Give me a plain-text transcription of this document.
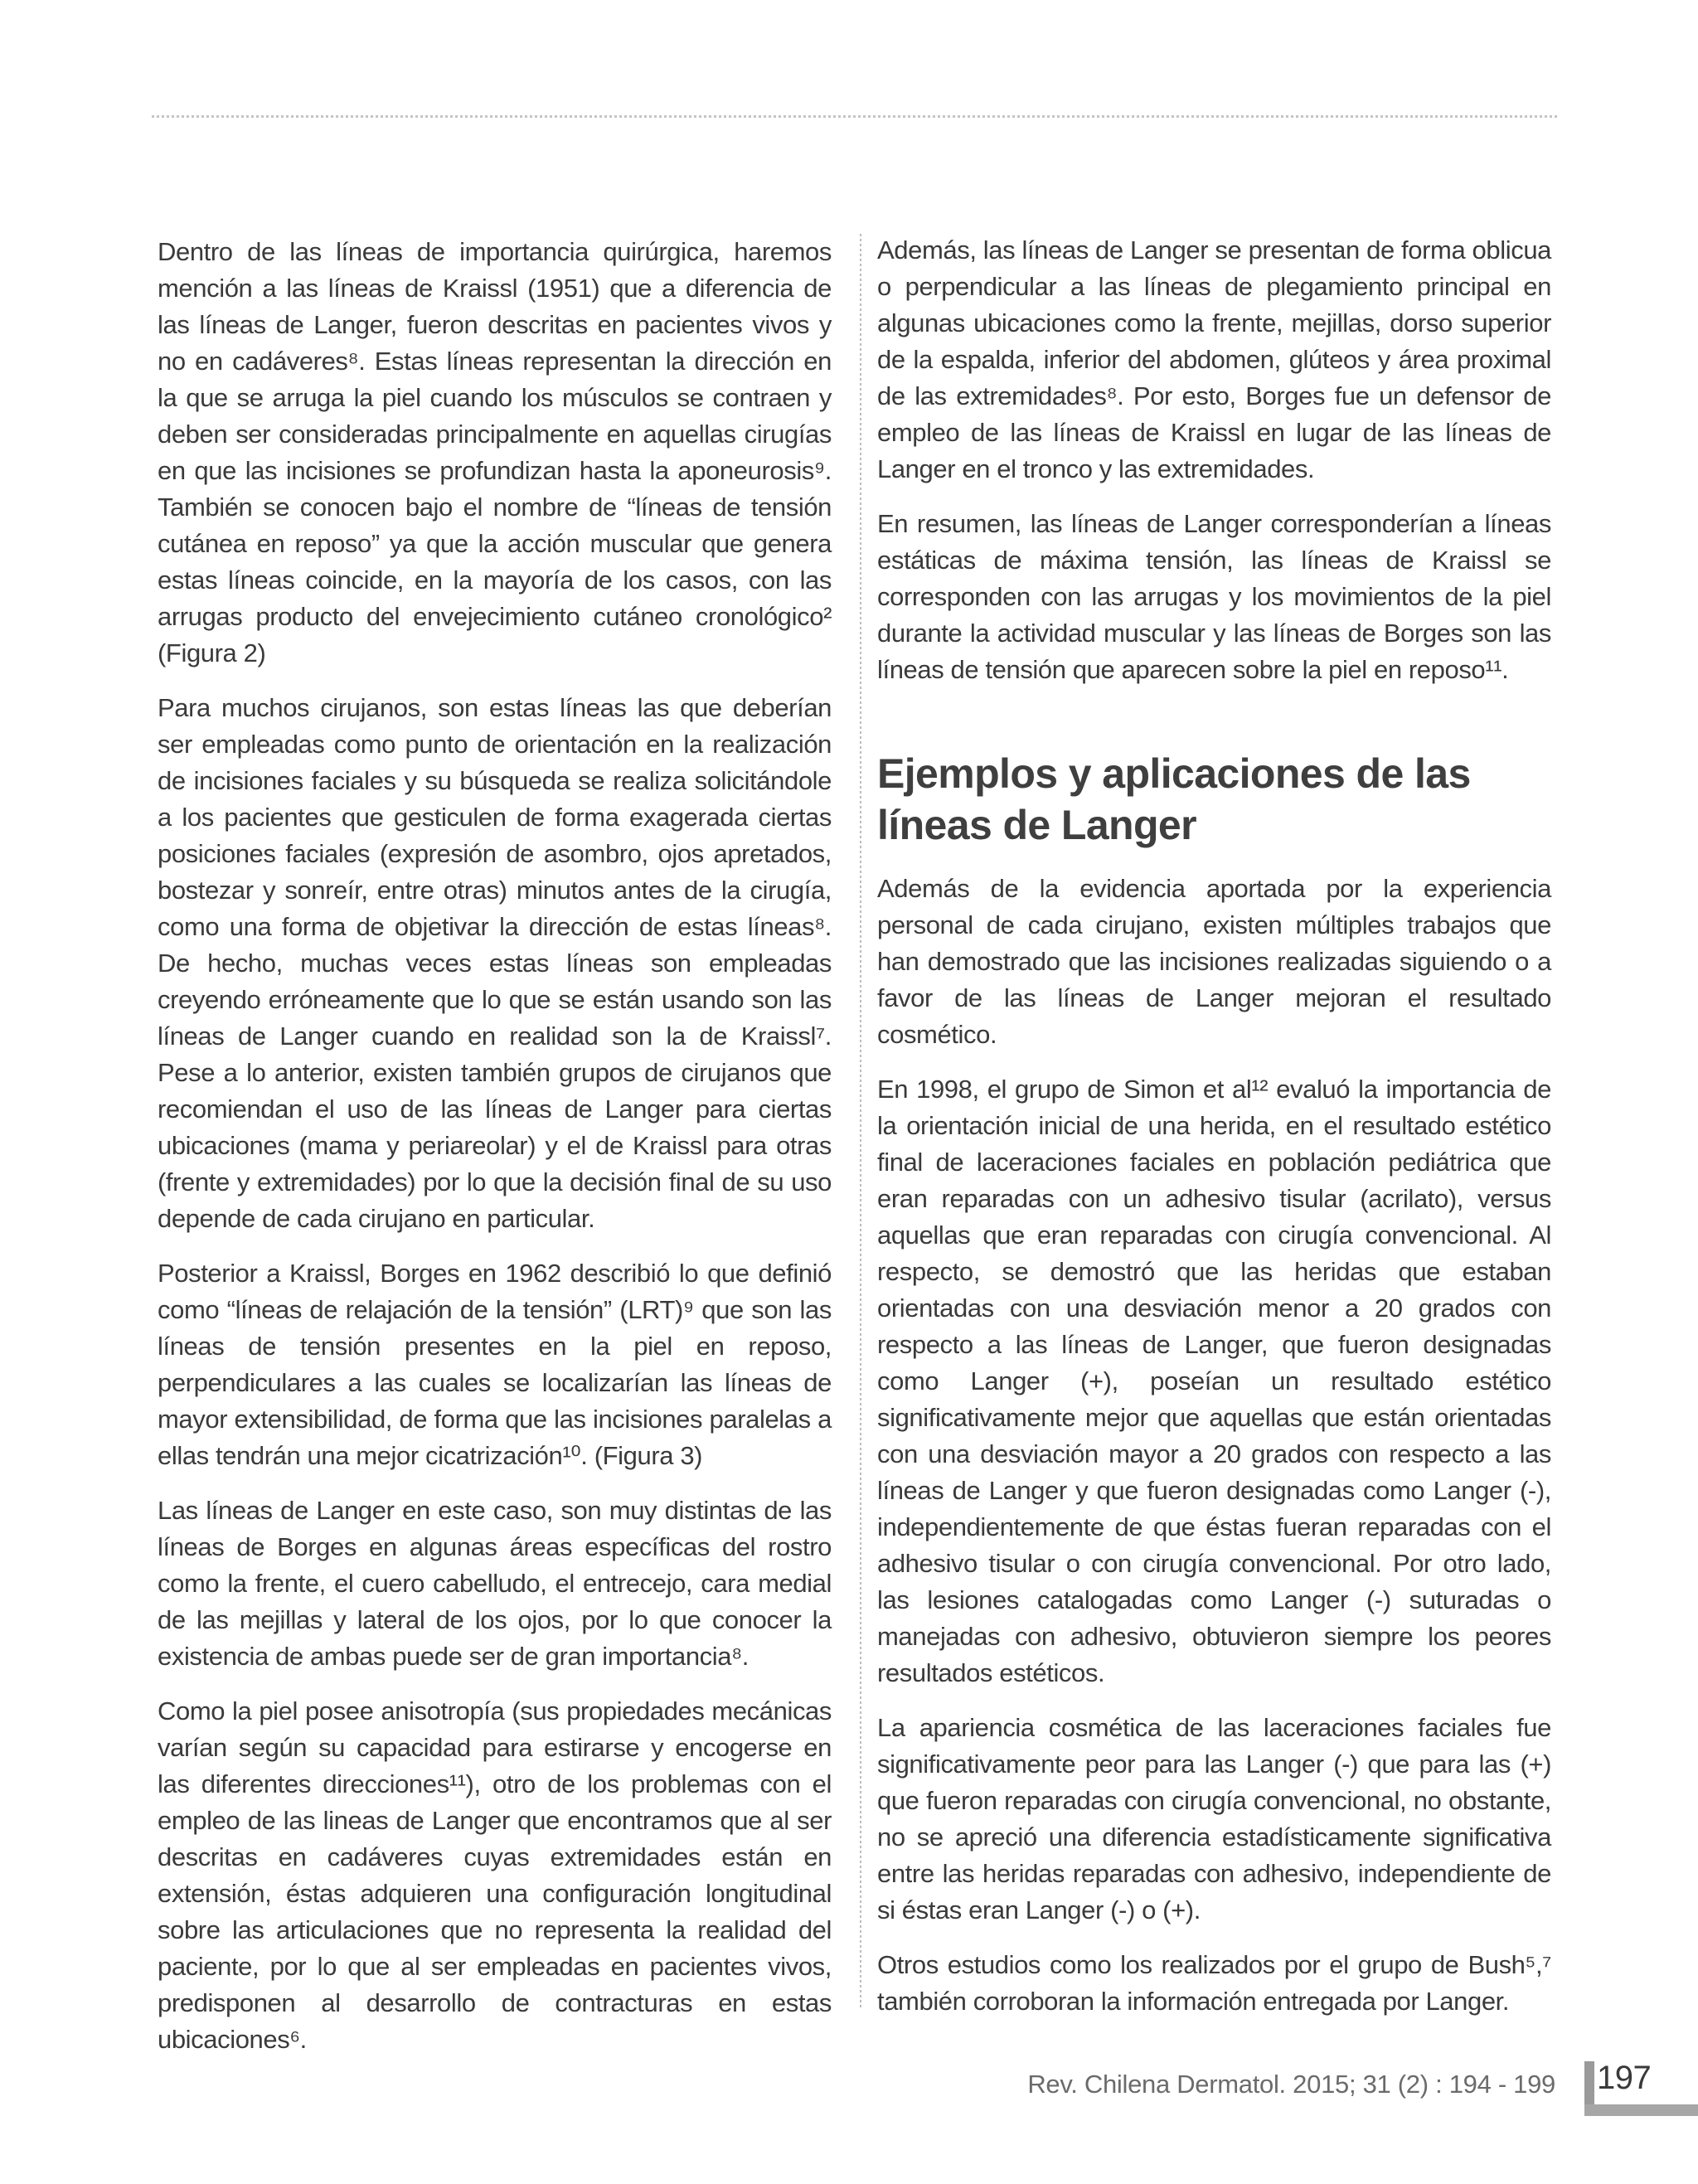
Dentro de las líneas de importancia quirúrgica, haremos mención a las líneas de Kraissl (1951) que a diferencia de las líneas de Langer, fueron descritas en pacientes vivos y no en cadáveres⁸. Estas líneas representan la dirección en la que se arruga la piel cuando los músculos se contraen y deben ser consideradas principalmente en aquellas cirugías en que las incisiones se profundizan hasta la aponeurosis⁹. También se conocen bajo el nombre de “líneas de tensión cutánea en reposo” ya que la acción muscular que genera estas líneas coincide, en la mayoría de los casos, con las arrugas producto del envejecimiento cutáneo cronológico² (Figura 2)

Para muchos cirujanos, son estas líneas las que deberían ser empleadas como punto de orientación en la realización de incisiones faciales y su búsqueda se realiza solicitándole a los pacientes que gesticulen de forma exagerada ciertas posiciones faciales (expresión de asombro, ojos apretados, bostezar y sonreír, entre otras) minutos antes de la cirugía, como una forma de objetivar la dirección de estas líneas⁸. De hecho, muchas veces estas líneas son empleadas creyendo erróneamente que lo que se están usando son las líneas de Langer cuando en realidad son la de Kraissl⁷. Pese a lo anterior, existen también grupos de cirujanos que recomiendan el uso de las líneas de Langer para ciertas ubicaciones (mama y periareolar) y el de Kraissl para otras (frente y extremidades) por lo que la decisión final de su uso depende de cada cirujano en particular.

Posterior a Kraissl, Borges en 1962 describió lo que definió como “líneas de relajación de la tensión” (LRT)⁹ que son las líneas de tensión presentes en la piel en reposo, perpendiculares a las cuales se localizarían las líneas de mayor extensibilidad, de forma que las incisiones paralelas a ellas tendrán una mejor cicatrización¹⁰. (Figura 3)

Las líneas de Langer en este caso, son muy distintas de las líneas de Borges en algunas áreas específicas del rostro como la frente, el cuero cabelludo, el entrecejo, cara medial de las mejillas y lateral de los ojos, por lo que conocer la existencia de ambas puede ser de gran importancia⁸.

Como la piel posee anisotropía (sus propiedades mecánicas varían según su capacidad para estirarse y encogerse en las diferentes direcciones¹¹), otro de los problemas con el empleo de las lineas de Langer que encontramos que al ser descritas en cadáveres cuyas extremidades están en extensión, éstas adquieren una configuración longitudinal sobre las articulaciones que no representa la realidad del paciente, por lo que al ser empleadas en pacientes vivos, predisponen al desarrollo de contracturas en estas ubicaciones⁶.

Además, las líneas de Langer se presentan de forma oblicua o perpendicular a las líneas de plegamiento principal en algunas ubicaciones como la frente, mejillas, dorso superior de la espalda, inferior del abdomen, glúteos y área proximal de las extremidades⁸. Por esto, Borges fue un defensor de empleo de las líneas de Kraissl en lugar de las líneas de Langer en el tronco y las extremidades.

En resumen, las líneas de Langer corresponderían a líneas estáticas de máxima tensión, las líneas de Kraissl se corresponden con las arrugas y los movimientos de la piel durante la actividad muscular y las líneas de Borges son las líneas de tensión que aparecen sobre la piel en reposo¹¹.

Ejemplos y aplicaciones de las líneas de Langer

Además de la evidencia aportada por la experiencia personal de cada cirujano, existen múltiples trabajos que han demostrado que las incisiones realizadas siguiendo o a favor de las líneas de Langer mejoran el resultado cosmético.

En 1998, el grupo de Simon et al¹² evaluó la importancia de la orientación inicial de una herida, en el resultado estético final de laceraciones faciales en población pediátrica que eran reparadas con un adhesivo tisular (acrilato), versus aquellas que eran reparadas con cirugía convencional. Al respecto, se demostró que las heridas que estaban orientadas con una desviación menor a 20 grados con respecto a las líneas de Langer, que fueron designadas como Langer (+), poseían un resultado estético significativamente mejor que aquellas que están orientadas con una desviación mayor a 20 grados con respecto a las líneas de Langer y que fueron designadas como Langer (-), independientemente de que éstas fueran reparadas con el adhesivo tisular o con cirugía convencional. Por otro lado, las lesiones catalogadas como Langer (-) suturadas o manejadas con adhesivo, obtuvieron siempre los peores resultados estéticos.

La apariencia cosmética de las laceraciones faciales fue significativamente peor para las Langer (-) que para las (+) que fueron reparadas con cirugía convencional, no obstante, no se apreció una diferencia estadísticamente significativa entre las heridas reparadas con adhesivo, independiente de si éstas eran Langer (-) o (+).

Otros estudios como los realizados por el grupo de Bush⁵,⁷ también corroboran la información entregada por Langer.

Rev. Chilena Dermatol. 2015; 31 (2) : 194 - 199 197
